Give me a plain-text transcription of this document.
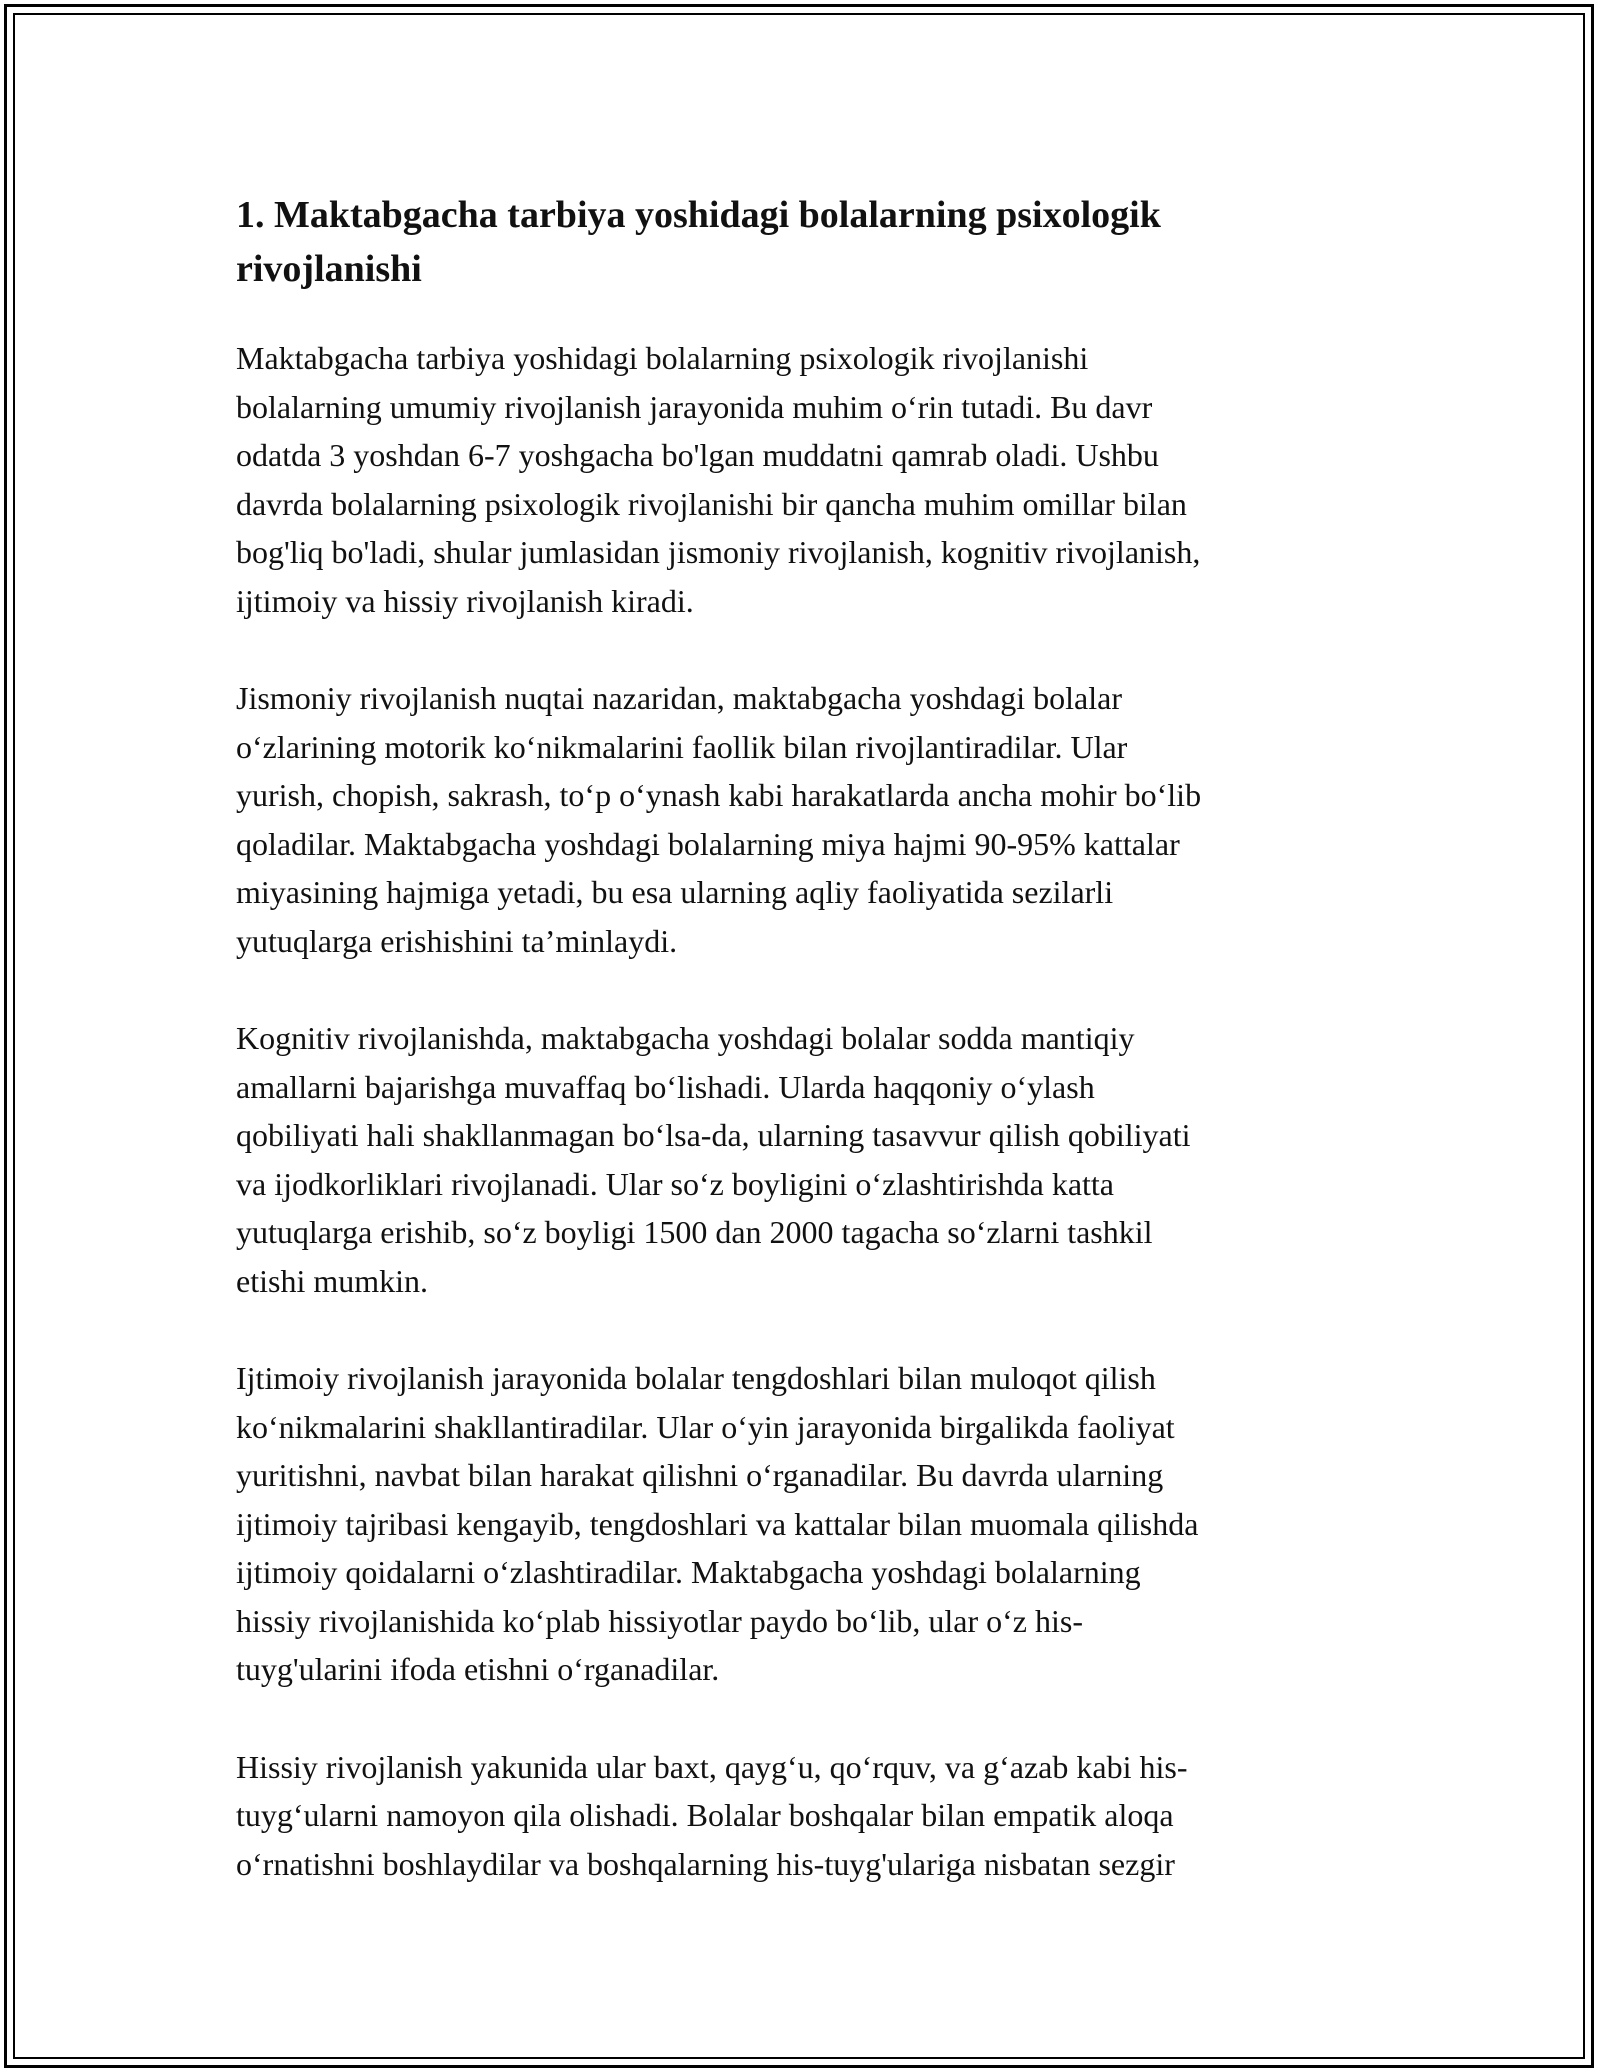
1. Maktabgacha tarbiya yoshidagi bolalarning psixologik
rivojlanishi

Maktabgacha tarbiya yoshidagi bolalarning psixologik rivojlanishi
bolalarning umumiy rivojlanish jarayonida muhim oʻrin tutadi. Bu davr
odatda 3 yoshdan 6-7 yoshgacha bo'lgan muddatni qamrab oladi. Ushbu
davrda bolalarning psixologik rivojlanishi bir qancha muhim omillar bilan
bog'liq bo'ladi, shular jumlasidan jismoniy rivojlanish, kognitiv rivojlanish,
ijtimoiy va hissiy rivojlanish kiradi.

Jismoniy rivojlanish nuqtai nazaridan, maktabgacha yoshdagi bolalar
oʻzlarining motorik koʻnikmalarini faollik bilan rivojlantiradilar. Ular
yurish, chopish, sakrash, toʻp oʻynash kabi harakatlarda ancha mohir boʻlib
qoladilar. Maktabgacha yoshdagi bolalarning miya hajmi 90-95% kattalar
miyasining hajmiga yetadi, bu esa ularning aqliy faoliyatida sezilarli
yutuqlarga erishishini ta’minlaydi.

Kognitiv rivojlanishda, maktabgacha yoshdagi bolalar sodda mantiqiy
amallarni bajarishga muvaffaq boʻlishadi. Ularda haqqoniy oʻylash
qobiliyati hali shakllanmagan boʻlsa-da, ularning tasavvur qilish qobiliyati
va ijodkorliklari rivojlanadi. Ular soʻz boyligini oʻzlashtirishda katta
yutuqlarga erishib, soʻz boyligi 1500 dan 2000 tagacha soʻzlarni tashkil
etishi mumkin.

Ijtimoiy rivojlanish jarayonida bolalar tengdoshlari bilan muloqot qilish
koʻnikmalarini shakllantiradilar. Ular oʻyin jarayonida birgalikda faoliyat
yuritishni, navbat bilan harakat qilishni oʻrganadilar. Bu davrda ularning
ijtimoiy tajribasi kengayib, tengdoshlari va kattalar bilan muomala qilishda
ijtimoiy qoidalarni oʻzlashtiradilar. Maktabgacha yoshdagi bolalarning
hissiy rivojlanishida koʻplab hissiyotlar paydo boʻlib, ular oʻz his-
tuyg'ularini ifoda etishni oʻrganadilar.

Hissiy rivojlanish yakunida ular baxt, qaygʻu, qoʻrquv, va gʻazab kabi his-
tuygʻularni namoyon qila olishadi. Bolalar boshqalar bilan empatik aloqa
oʻrnatishni boshlaydilar va boshqalarning his-tuyg'ulariga nisbatan sezgir
